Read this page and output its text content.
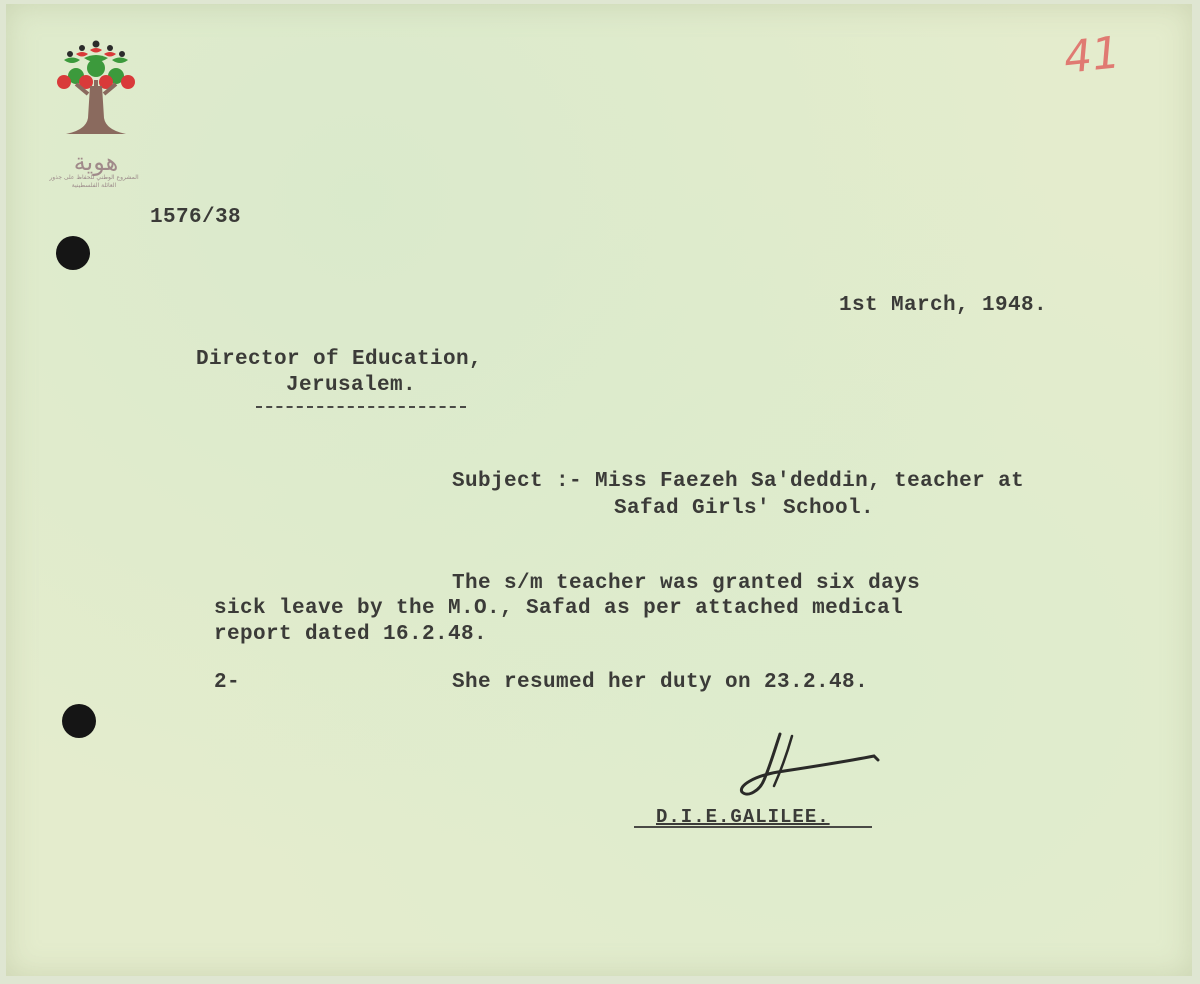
هوية
المشروع الوطني للحفاظ على جذور العائلة الفلسطينية
41

1576/38

1st March, 1948.

Director of Education,

Jerusalem.

Subject :- Miss Faezeh Sa'deddin, teacher at

Safad Girls' School.

The s/m teacher was granted six days

sick leave by the M.O., Safad as per attached medical

report dated 16.2.48.

2-	She resumed her duty on 23.2.48.

D.I.E.GALILEE.
